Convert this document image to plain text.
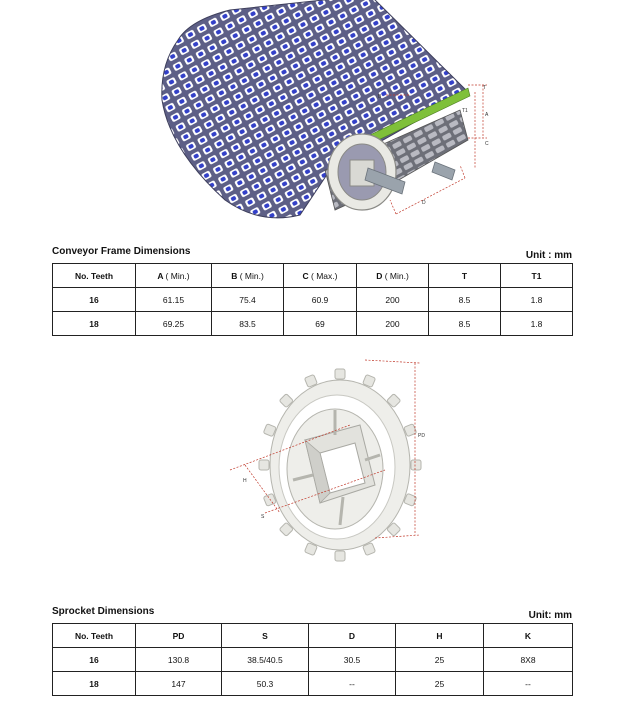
B
T
T1
A
C
D
Conveyor Frame Dimensions	Unit : mm
No. Teeth	A ( Min.)	B ( Min.)	C ( Max.)	D ( Min.)	T	T1
16	61.15	75.4	60.9	200	8.5	1.8
18	69.25	83.5	69	200	8.5	1.8
PD
H
S
Sprocket Dimensions	Unit: mm
No. Teeth	PD	S	D	H	K
16	130.8	38.5/40.5	30.5	25	8X8
18	147	50.3	--	25	--
